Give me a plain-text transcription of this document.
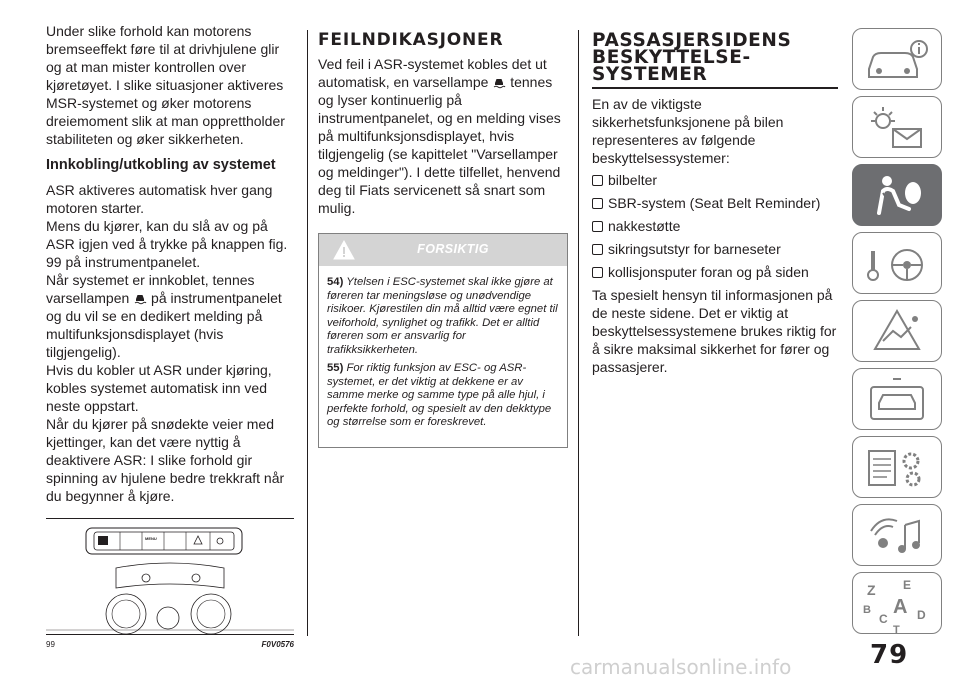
Under slike forhold kan motorens bremseeffekt føre til at drivhjulene glir og at man mister kontrollen over kjøretøyet. I slike situasjoner aktiveres MSR-systemet og øker motorens dreiemoment slik at man opprettholder stabiliteten og øker sikkerheten.

Innkobling/utkobling av systemet

ASR aktiveres automatisk hver gang motoren starter.

Mens du kjører, kan du slå av og på ASR igjen ved å trykke på knappen fig. 99 på instrumentpanelet.

Når systemet er innkoblet, tennes varsellampen på instrumentpanelet og du vil se en dedikert melding på multifunksjonsdisplayet (hvis tilgjengelig).

Hvis du kobler ut ASR under kjøring, kobles systemet automatisk inn ved neste oppstart.

Når du kjører på snødekte veier med kjettinger, kan det være nyttig å deaktivere ASR: I slike forhold gir spinning av hjulene bedre trekkraft når du begynner å kjøre.

MENU
99	F0V0576
FEILNDIKASJONER

Ved feil i ASR-systemet kobles det ut automatisk, en varsellampe tennes og lyser kontinuerlig på instrumentpanelet, og en melding vises på multifunksjonsdisplayet, hvis tilgjengelig (se kapittelet "Varsellamper og meldinger"). I dette tilfellet, henvend deg til Fiats servicenett så snart som mulig.

FORSIKTIG

54) Ytelsen i ESC-systemet skal ikke gjøre at føreren tar meningsløse og unødvendige risikoer. Kjørestilen din må alltid være egnet til veiforhold, synlighet og trafikk. Det er alltid føreren som er ansvarlig for trafikksikkerheten.

55) For riktig funksjon av ESC- og ASR-systemet, er det viktig at dekkene er av samme merke og samme type på alle hjul, i perfekte forhold, og spesielt av den dekktype og størrelse som er foreskrevet.

PASSASJERSIDENS
BESKYTTELSE-
SYSTEMER

En av de viktigste sikkerhetsfunksjonene på bilen representeres av følgende beskyttelsessystemer:

bilbelter
SBR-system (Seat Belt Reminder)
nakkestøtte
sikringsutstyr for barneseter
kollisjonsputer foran og på siden

Ta spesielt hensyn til informasjonen på de neste sidene. Det er viktig at beskyttelsessystemene brukes riktig for å sikre maksimal sikkerhet for fører og passasjerer.

Z E
B A
C D
T
79
carmanualsonline.info
